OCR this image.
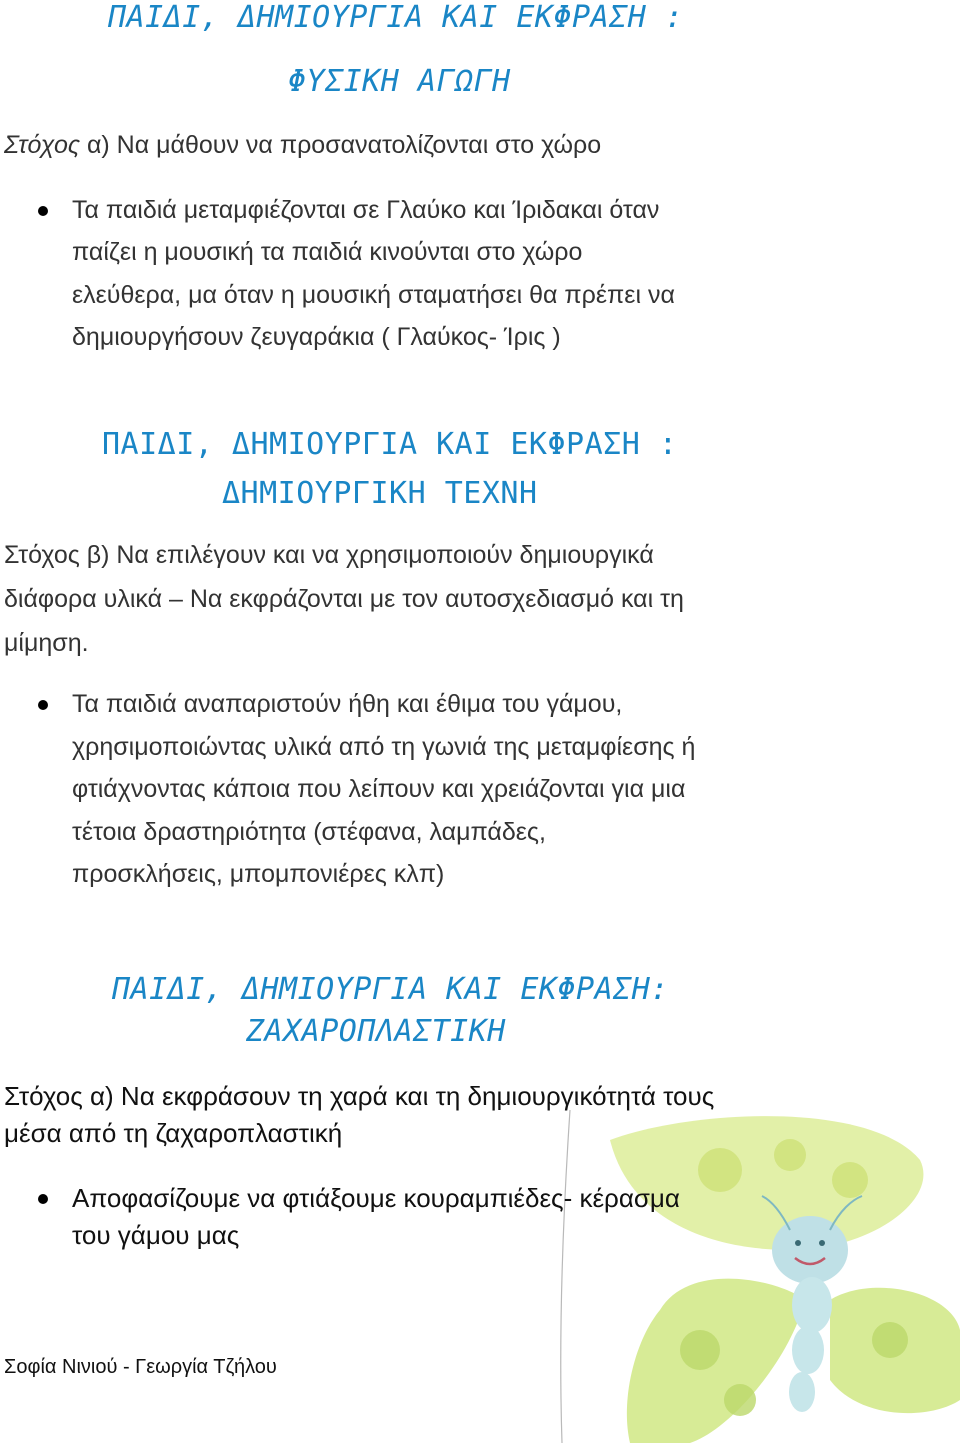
ΠΑΙΔΙ, ΔΗΜΙΟΥΡΓΙΑ ΚΑΙ ΕΚΦΡΑΣΗ :
ΦΥΣΙΚΗ ΑΓΩΓΗ
Στόχος α) Να μάθουν να προσανατολίζονται στο χώρο
Τα παιδιά μεταμφιέζονται σε Γλαύκο και Ίριδακαι όταν
παίζει η μουσική τα παιδιά κινούνται στο χώρο
ελεύθερα, μα όταν η μουσική σταματήσει θα πρέπει να
δημιουργήσουν ζευγαράκια ( Γλαύκος- Ίρις )
ΠΑΙΔΙ, ΔΗΜΙΟΥΡΓΙΑ ΚΑΙ ΕΚΦΡΑΣΗ :
ΔΗΜΙΟΥΡΓΙΚΗ ΤΕΧΝΗ
Στόχος β) Να επιλέγουν και να χρησιμοποιούν δημιουργικά
διάφορα υλικά – Να εκφράζονται με τον αυτοσχεδιασμό και τη
μίμηση.
Τα παιδιά αναπαριστούν ήθη και έθιμα του γάμου,
χρησιμοποιώντας υλικά από τη γωνιά της μεταμφίεσης ή
φτιάχνοντας κάποια που λείπουν και χρειάζονται για μια
τέτοια δραστηριότητα (στέφανα, λαμπάδες,
προσκλήσεις, μπομπονιέρες κλπ)
ΠΑΙΔΙ, ΔΗΜΙΟΥΡΓΙΑ ΚΑΙ ΕΚΦΡΑΣΗ:
ΖΑΧΑΡΟΠΛΑΣΤΙΚΗ
Στόχος α) Να εκφράσουν τη χαρά και τη δημιουργικότητά τους
μέσα από τη ζαχαροπλαστική
Αποφασίζουμε να φτιάξουμε κουραμπιέδες- κέρασμα
του γάμου μας
Σοφία Νινιού - Γεωργία Τζήλου
